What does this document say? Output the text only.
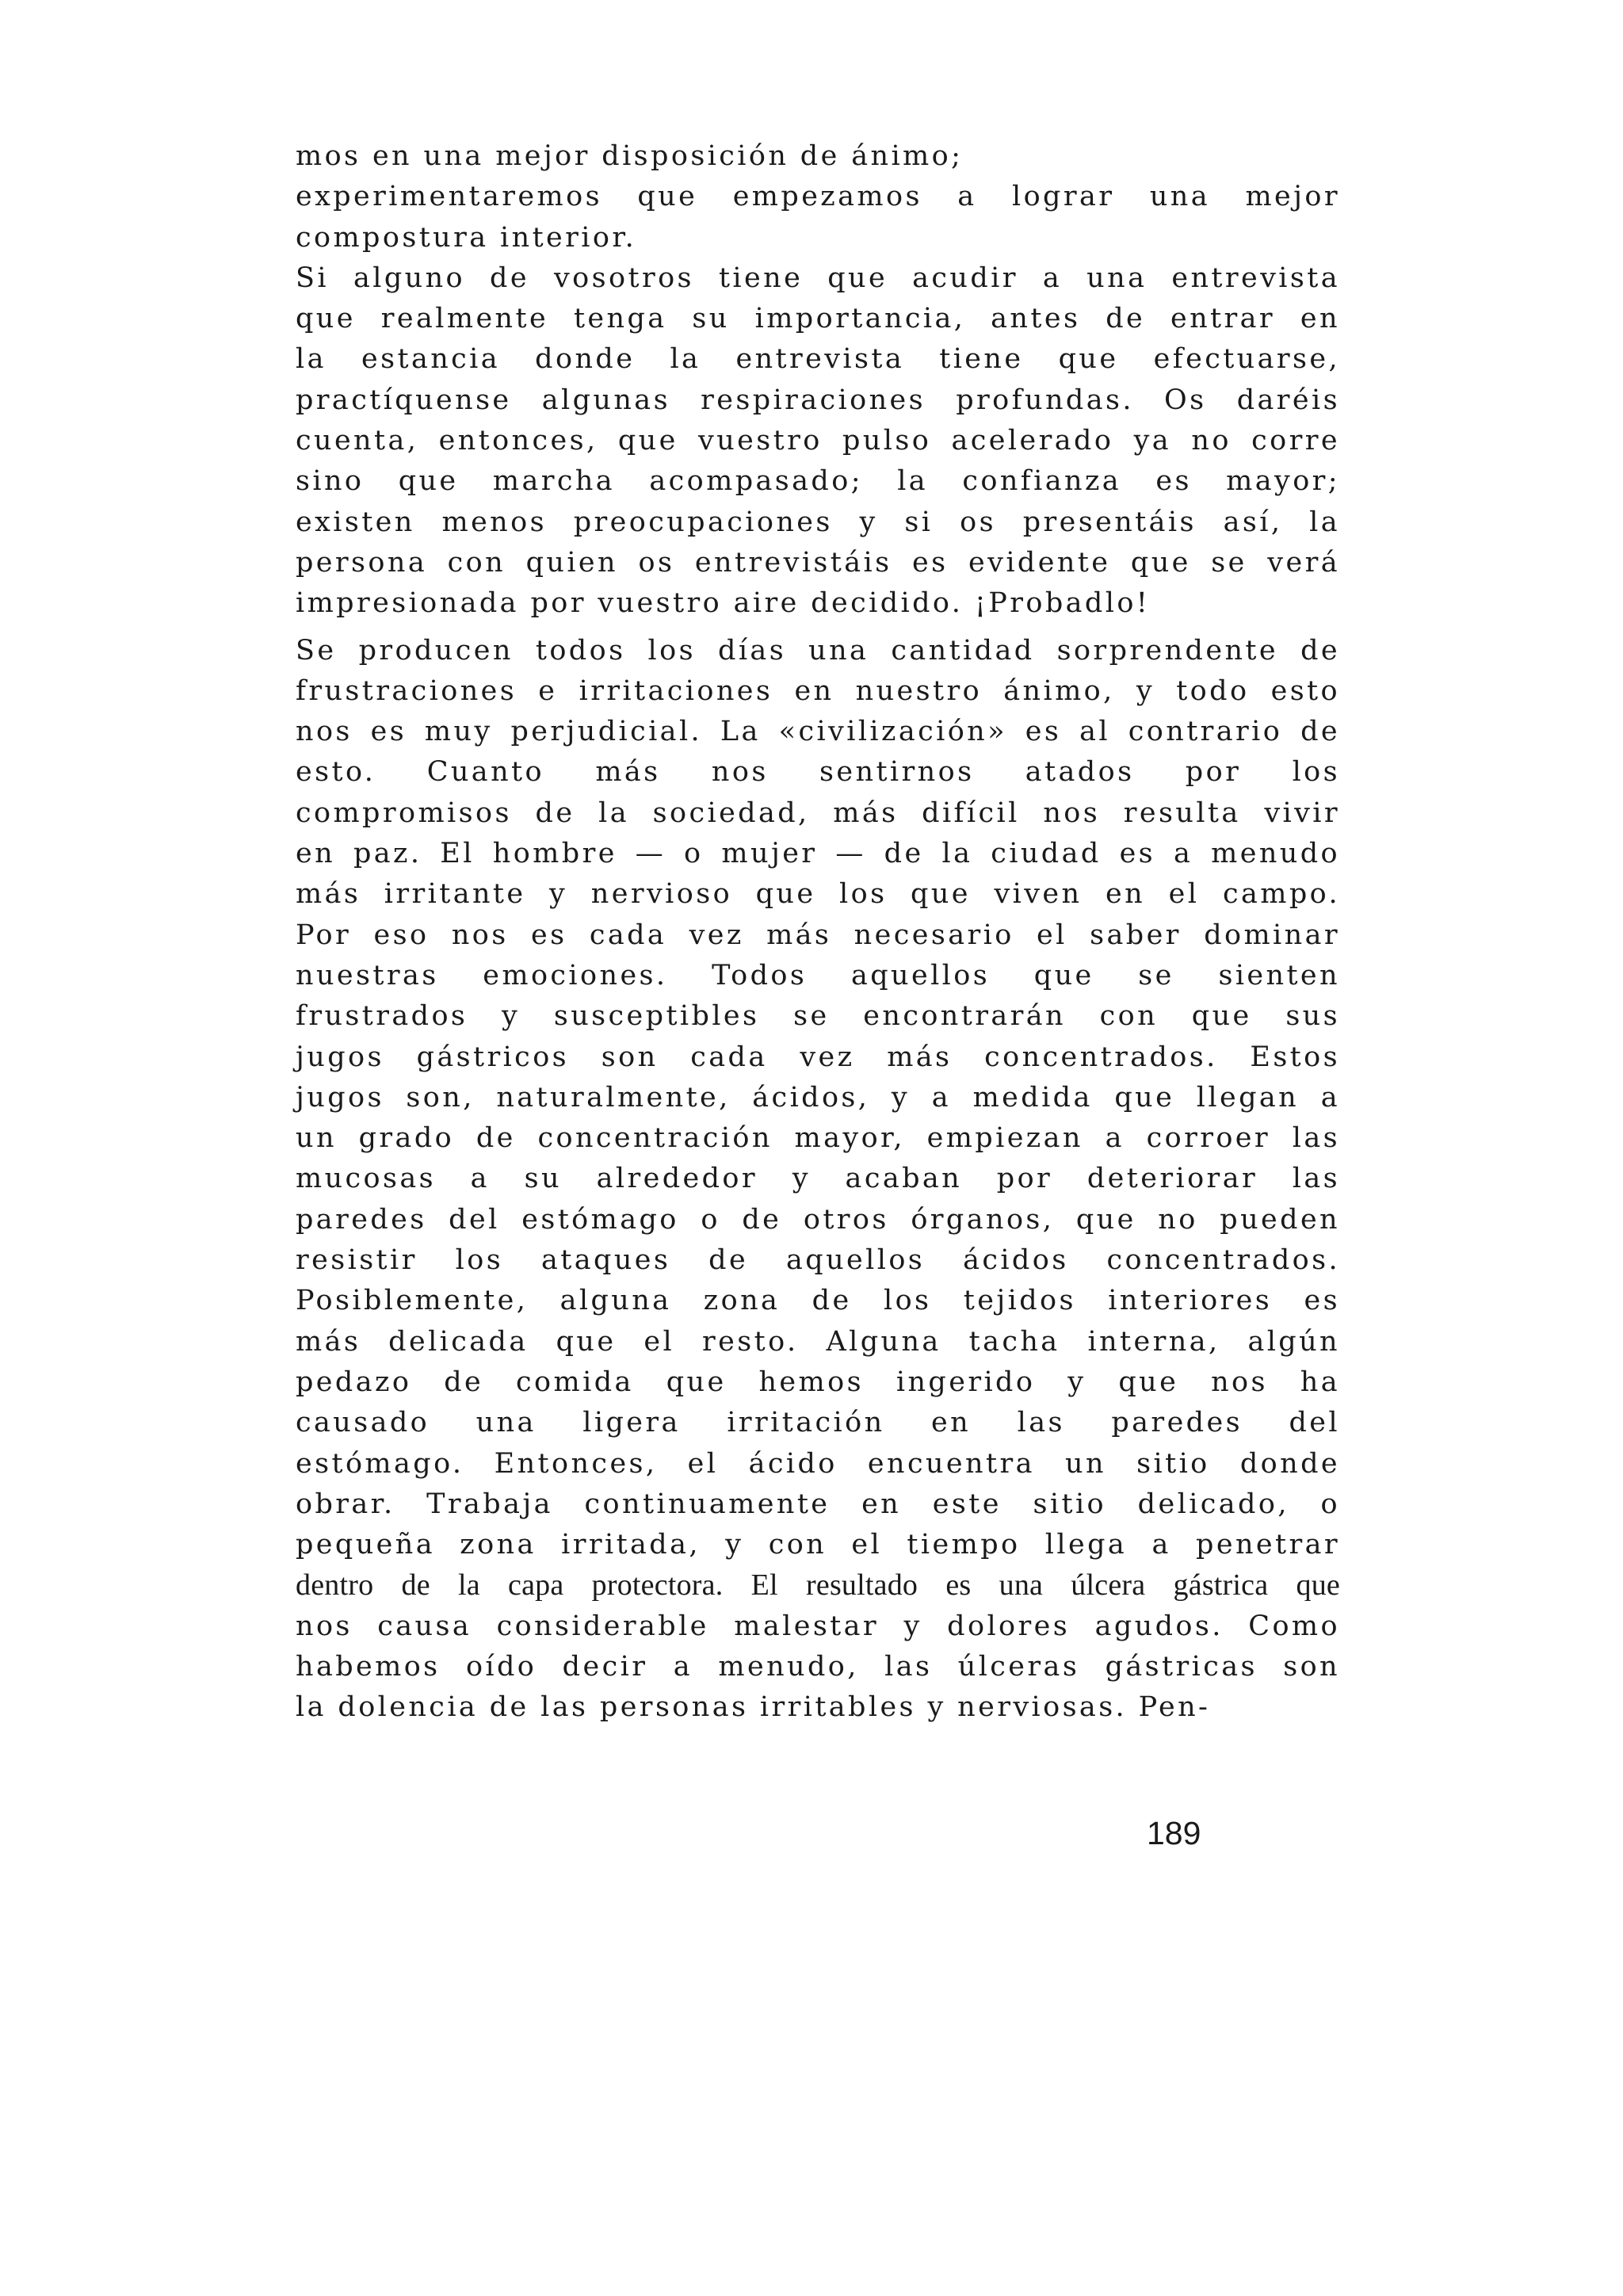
mos en una mejor disposición de ánimo;
experimentaremos que empezamos a lograr una mejor
compostura interior.
Si alguno de vosotros tiene que acudir a una entrevista
que realmente tenga su importancia, antes de entrar en
la estancia donde la entrevista tiene que efectuarse,
practíquense algunas respiraciones profundas. Os daréis
cuenta, entonces, que vuestro pulso acelerado ya no corre
sino que marcha acompasado; la confianza es mayor;
existen menos preocupaciones y si os presentáis así, la
persona con quien os entrevistáis es evidente que se verá
impresionada por vuestro aire decidido. ¡Probadlo!
Se producen todos los días una cantidad sorprendente de
frustraciones e irritaciones en nuestro ánimo, y todo esto
nos es muy perjudicial. La «civilización» es al contrario de
esto. Cuanto más nos sentirnos atados por los
compromisos de la sociedad, más difícil nos resulta vivir
en paz. El hombre — o mujer — de la ciudad es a menudo
más irritante y nervioso que los que viven en el campo.
Por eso nos es cada vez más necesario el saber dominar
nuestras emociones. Todos aquellos que se sienten
frustrados y susceptibles se encontrarán con que sus
jugos gástricos son cada vez más concentrados. Estos
jugos son, naturalmente, ácidos, y a medida que llegan a
un grado de concentración mayor, empiezan a corroer las
mucosas a su alrededor y acaban por deteriorar las
paredes del estómago o de otros órganos, que no pueden
resistir los ataques de aquellos ácidos concentrados.
Posiblemente, alguna zona de los tejidos interiores es
más delicada que el resto. Alguna tacha interna, algún
pedazo de comida que hemos ingerido y que nos ha
causado una ligera irritación en las paredes del
estómago. Entonces, el ácido encuentra un sitio donde
obrar. Trabaja continuamente en este sitio delicado, o
pequeña zona irritada, y con el tiempo llega a penetrar
dentro de la capa protectora. El resultado es una úlcera gástrica que
nos causa considerable malestar y dolores agudos. Como
habemos oído decir a menudo, las úlceras gástricas son
la dolencia de las personas irritables y nerviosas. Pen-
189
